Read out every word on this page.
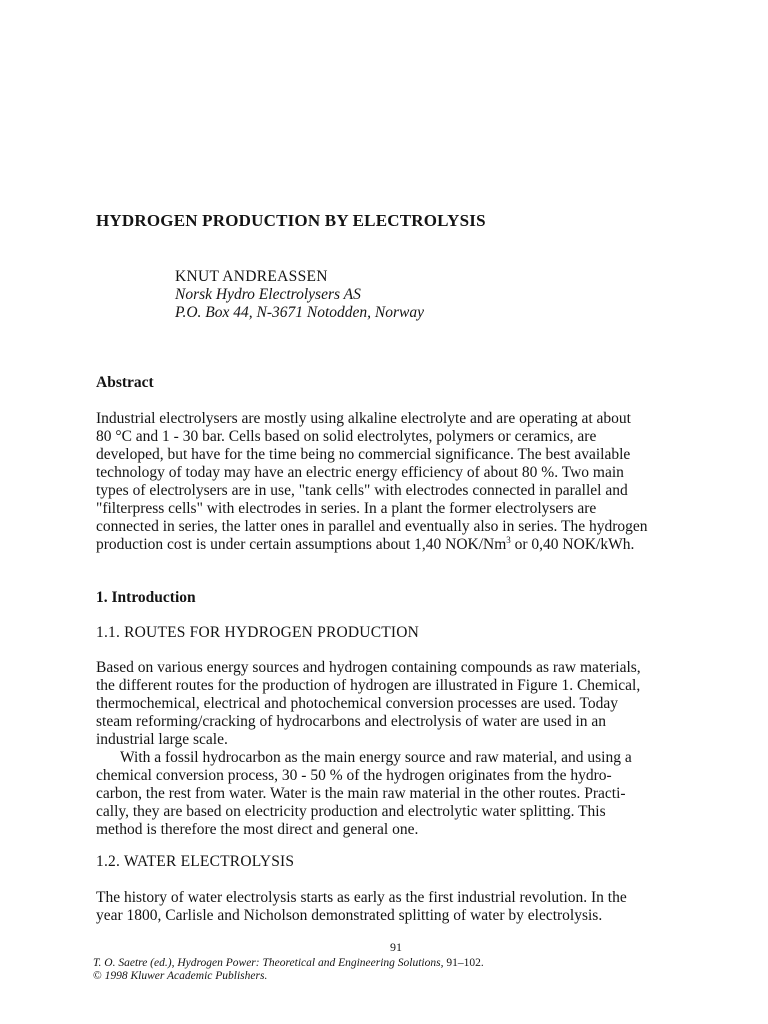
HYDROGEN PRODUCTION BY ELECTROLYSIS
KNUT ANDREASSEN
Norsk Hydro Electrolysers AS
P.O. Box 44, N-3671 Notodden, Norway
Abstract
Industrial electrolysers are mostly using alkaline electrolyte and are operating at about
80 °C and 1 - 30 bar. Cells based on solid electrolytes, polymers or ceramics, are
developed, but have for the time being no commercial significance. The best available
technology of today may have an electric energy efficiency of about 80 %. Two main
types of electrolysers are in use, "tank cells" with electrodes connected in parallel and
"filterpress cells" with electrodes in series. In a plant the former electrolysers are
connected in series, the latter ones in parallel and eventually also in series. The hydrogen
production cost is under certain assumptions about 1,40 NOK/Nm$^3$ or 0,40 NOK/kWh.
1. Introduction
1.1. ROUTES FOR HYDROGEN PRODUCTION
Based on various energy sources and hydrogen containing compounds as raw materials,
the different routes for the production of hydrogen are illustrated in Figure 1. Chemical,
thermochemical, electrical and photochemical conversion processes are used. Today
steam reforming/cracking of hydrocarbons and electrolysis of water are used in an
industrial large scale.
With a fossil hydrocarbon as the main energy source and raw material, and using a
chemical conversion process, 30 - 50 % of the hydrogen originates from the hydro-
carbon, the rest from water. Water is the main raw material in the other routes. Practi-
cally, they are based on electricity production and electrolytic water splitting. This
method is therefore the most direct and general one.
1.2. WATER ELECTROLYSIS
The history of water electrolysis starts as early as the first industrial revolution. In the
year 1800, Carlisle and Nicholson demonstrated splitting of water by electrolysis.
91
T. O. Saetre (ed.), Hydrogen Power: Theoretical and Engineering Solutions, 91–102.
© 1998 Kluwer Academic Publishers.
